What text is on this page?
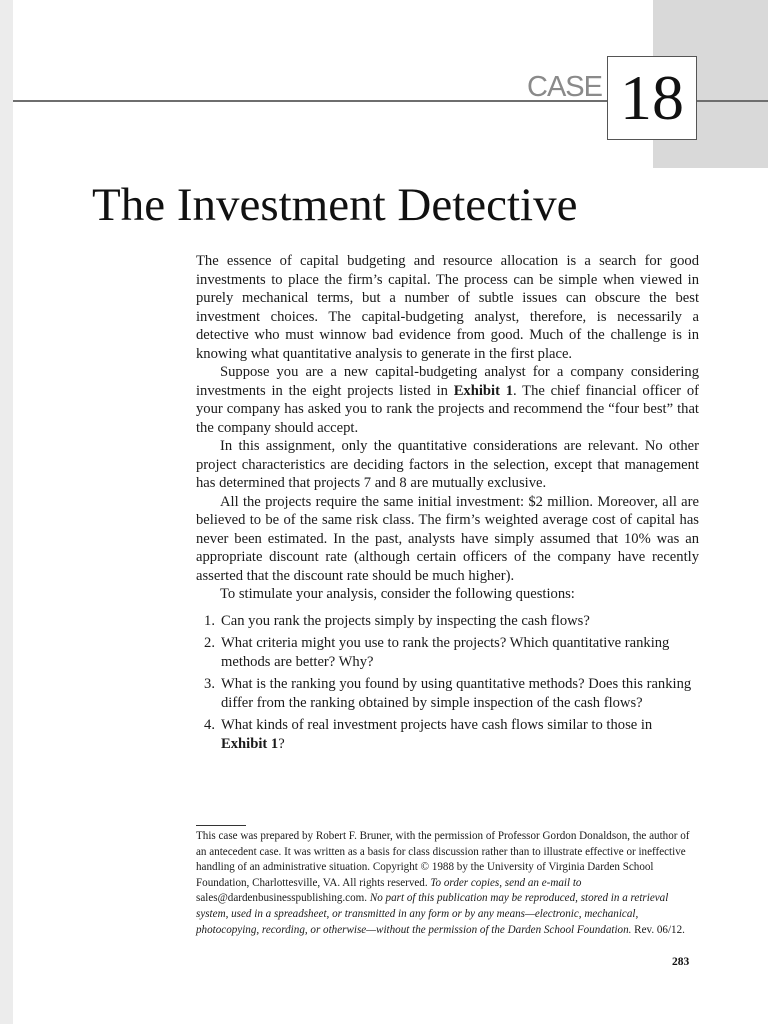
CASE 18
The Investment Detective

The essence of capital budgeting and resource allocation is a search for good investments to place the firm’s capital. The process can be simple when viewed in purely mechanical terms, but a number of subtle issues can obscure the best investment choices. The capital-budgeting analyst, therefore, is necessarily a detective who must winnow bad evidence from good. Much of the challenge is in knowing what quantitative analysis to generate in the first place.

Suppose you are a new capital-budgeting analyst for a company considering investments in the eight projects listed in Exhibit 1. The chief financial officer of your company has asked you to rank the projects and recommend the “four best” that the company should accept.

In this assignment, only the quantitative considerations are relevant. No other project characteristics are deciding factors in the selection, except that management has determined that projects 7 and 8 are mutually exclusive.

All the projects require the same initial investment: $2 million. Moreover, all are believed to be of the same risk class. The firm’s weighted average cost of capital has never been estimated. In the past, analysts have simply assumed that 10% was an appropriate discount rate (although certain officers of the company have recently asserted that the discount rate should be much higher).

To stimulate your analysis, consider the following questions:

1. Can you rank the projects simply by inspecting the cash flows?
2. What criteria might you use to rank the projects? Which quantitative ranking methods are better? Why?
3. What is the ranking you found by using quantitative methods? Does this ranking differ from the ranking obtained by simple inspection of the cash flows?
4. What kinds of real investment projects have cash flows similar to those in Exhibit 1?
This case was prepared by Robert F. Bruner, with the permission of Professor Gordon Donaldson, the author of an antecedent case. It was written as a basis for class discussion rather than to illustrate effective or ineffective handling of an administrative situation. Copyright © 1988 by the University of Virginia Darden School Foundation, Charlottesville, VA. All rights reserved. To order copies, send an e-mail to sales@dardenbusinesspublishing.com. No part of this publication may be reproduced, stored in a retrieval system, used in a spreadsheet, or transmitted in any form or by any means—electronic, mechanical, photocopying, recording, or otherwise—without the permission of the Darden School Foundation. Rev. 06/12.
283
